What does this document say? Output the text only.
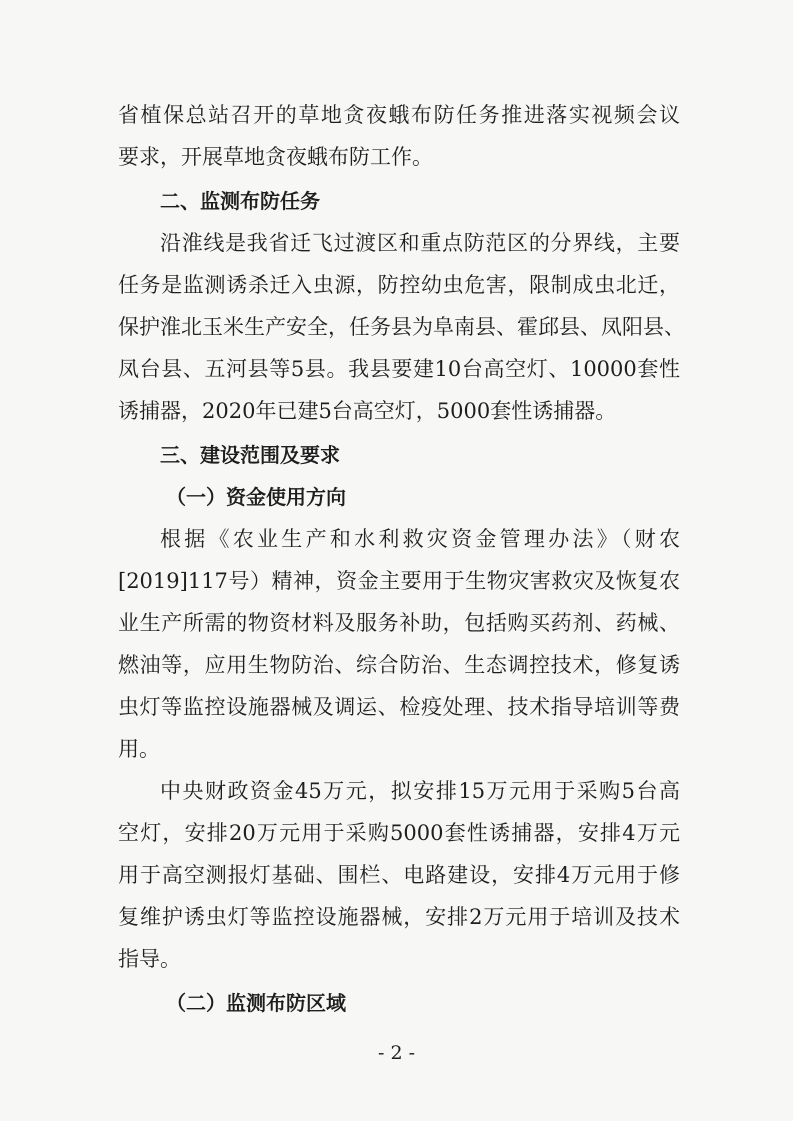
省植保总站召开的草地贪夜蛾布防任务推进落实视频会议
要求，开展草地贪夜蛾布防工作。
二、监测布防任务
沿淮线是我省迁飞过渡区和重点防范区的分界线，主要
任务是监测诱杀迁入虫源，防控幼虫危害，限制成虫北迁，
保护淮北玉米生产安全，任务县为阜南县、霍邱县、凤阳县、
凤台县、五河县等5县。我县要建10台高空灯、10000套性
诱捕器，2020年已建5台高空灯，5000套性诱捕器。
三、建设范围及要求
（一）资金使用方向
根据《农业生产和水利救灾资金管理办法》（财农
[2019]117号）精神，资金主要用于生物灾害救灾及恢复农
业生产所需的物资材料及服务补助，包括购买药剂、药械、
燃油等，应用生物防治、综合防治、生态调控技术，修复诱
虫灯等监控设施器械及调运、检疫处理、技术指导培训等费
用。
中央财政资金45万元，拟安排15万元用于采购5台高
空灯，安排20万元用于采购5000套性诱捕器，安排4万元
用于高空测报灯基础、围栏、电路建设，安排4万元用于修
复维护诱虫灯等监控设施器械，安排2万元用于培训及技术
指导。
（二）监测布防区域
- 2 -
